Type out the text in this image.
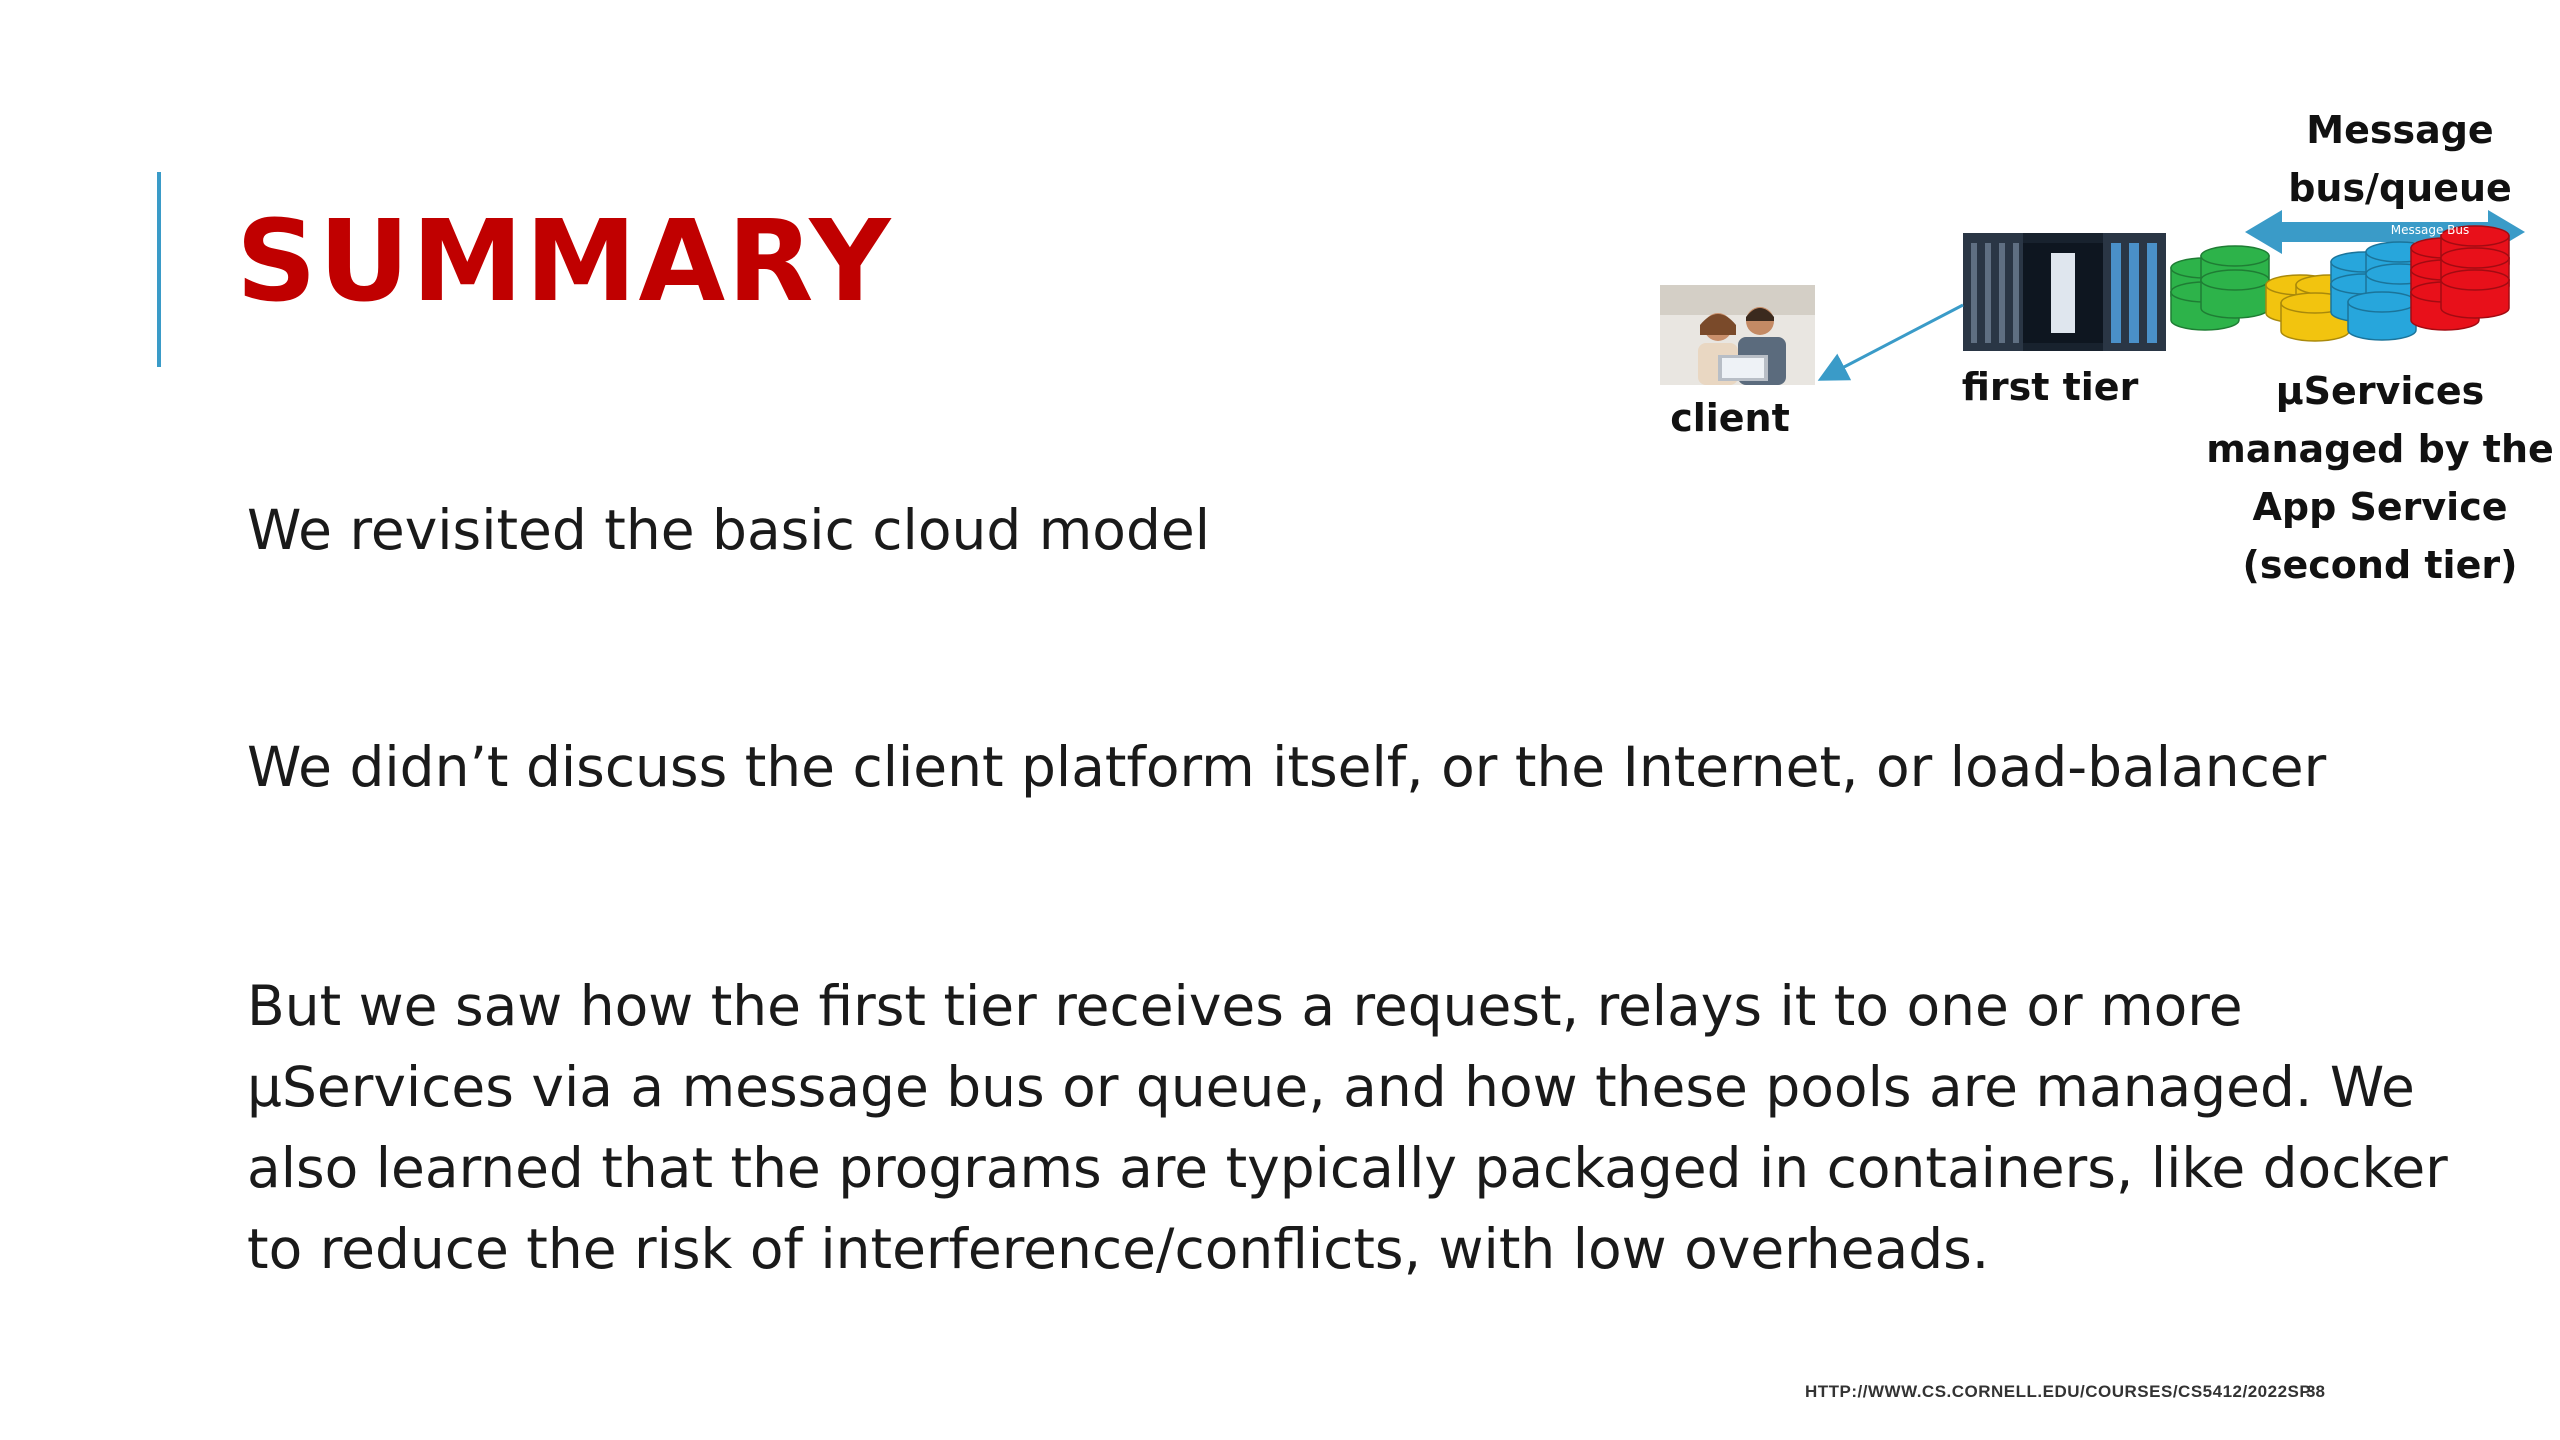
SUMMARY
We revisited the basic cloud model
We didn’t discuss the client platform itself, or the Internet, or load-balancer
But we saw how the first tier receives a request, relays it to one or more µServices via a message bus or queue, and how these pools are managed. We also learned that the programs are typically packaged in containers, like docker to reduce the risk of interference/conflicts, with low overheads.
Message Bus
client
first tier
Message bus/queue
µServices managed by the App Service (second tier)
HTTP://WWW.CS.CORNELL.EDU/COURSES/CS5412/2022SP
38
